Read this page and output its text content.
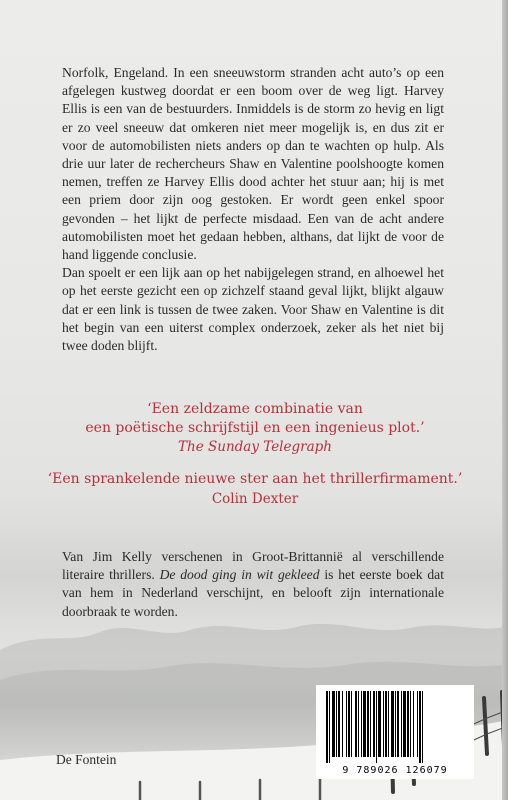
Norfolk, Engeland. In een sneeuwstorm stranden acht auto’s op een afgelegen kustweg doordat er een boom over de weg ligt. Harvey Ellis is een van de bestuurders. Inmiddels is de storm zo hevig en ligt er zo veel sneeuw dat omkeren niet meer mogelijk is, en dus zit er voor de automobilisten niets anders op dan te wachten op hulp. Als drie uur later de rechercheurs Shaw en Valentine poolshoogte komen nemen, treffen ze Harvey Ellis dood achter het stuur aan; hij is met een priem door zijn oog gestoken. Er wordt geen enkel spoor gevonden – het lijkt de perfecte misdaad. Een van de acht andere automobilisten moet het gedaan hebben, althans, dat lijkt de voor de hand liggende conclusie.

Dan spoelt er een lijk aan op het nabijgelegen strand, en alhoewel het op het eerste gezicht een op zichzelf staand geval lijkt, blijkt algauw dat er een link is tussen de twee zaken. Voor Shaw en Valentine is dit het begin van een uiterst complex onderzoek, zeker als het niet bij twee doden blijft.

‘Een zeldzame combinatie van
een poëtische schrijfstijl en een ingenieus plot.’
The Sunday Telegraph
‘Een sprankelende nieuwe ster aan het thrillerfirmament.’
Colin Dexter
Van Jim Kelly verschenen in Groot-Brittannië al verschillende literaire thrillers. De dood ging in wit gekleed is het eerste boek dat van hem in Nederland verschijnt, en belooft zijn internationale doorbraak te worden.
De Fontein
9 789026 126079
